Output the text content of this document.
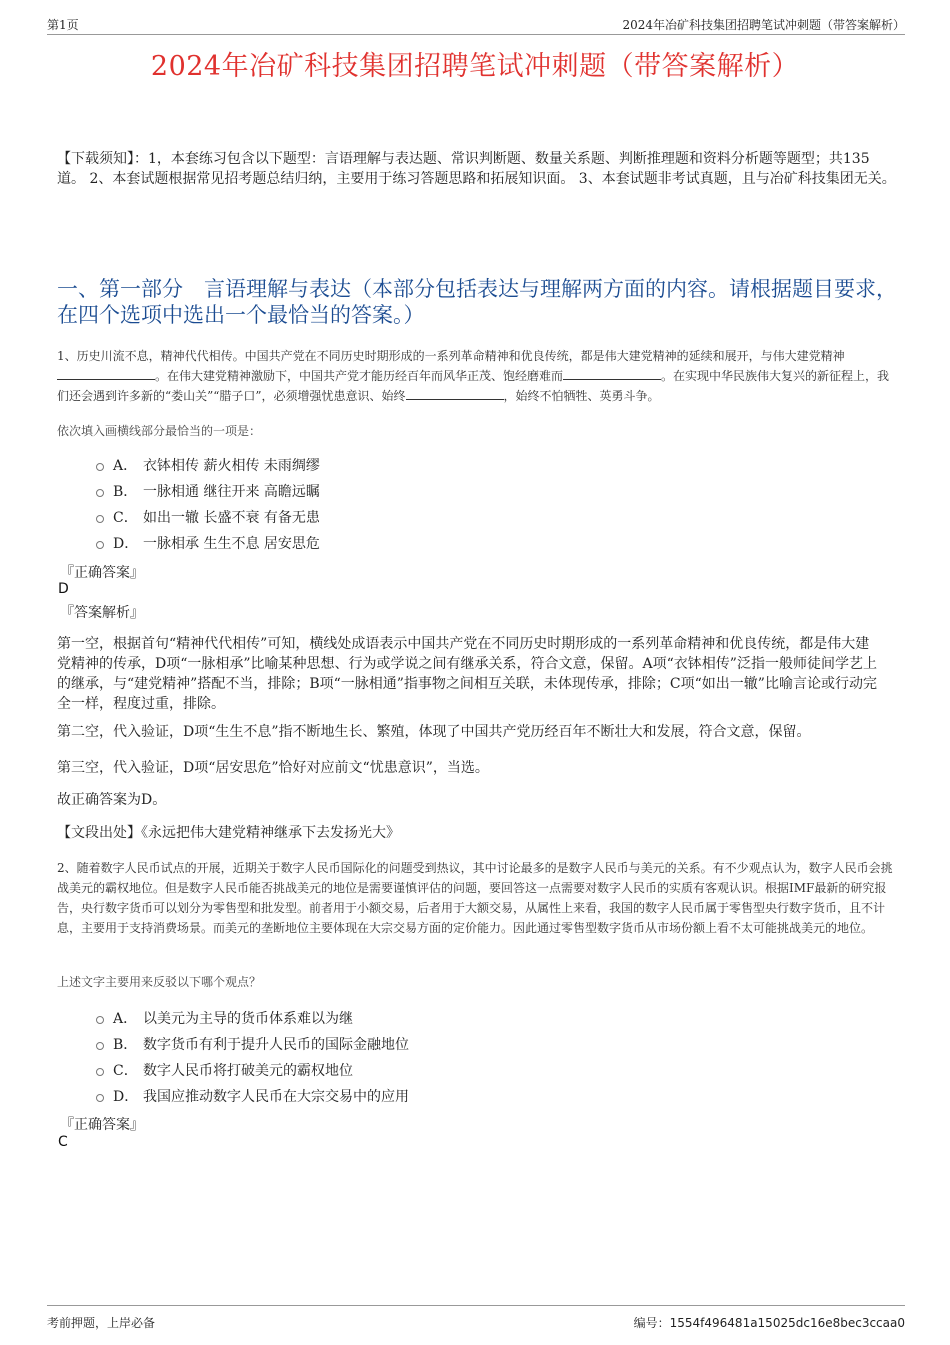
第1页	2024年冶矿科技集团招聘笔试冲刺题（带答案解析）
2024年冶矿科技集团招聘笔试冲刺题（带答案解析）
【下载须知】：1，本套练习包含以下题型：言语理解与表达题、常识判断题、数量关系题、判断推理题和资料分析题等题型；共135道。 2、本套试题根据常见招考题总结归纳，主要用于练习答题思路和拓展知识面。 3、本套试题非考试真题，且与冶矿科技集团无关。
一、第一部分　言语理解与表达（本部分包括表达与理解两方面的内容。请根据题目要求，在四个选项中选出一个最恰当的答案。）
1、历史川流不息，精神代代相传。中国共产党在不同历史时期形成的一系列革命精神和优良传统，都是伟大建党精神的延续和展开，与伟大建党精神。在伟大建党精神激励下，中国共产党才能历经百年而风华正茂、饱经磨难而	。在实现中华民族伟大复兴的新征程上，我们还会遇到许多新的“娄山关”“腊子口”，必须增强忧患意识、始终	，始终不怕牺牲、英勇斗争。
依次填入画横线部分最恰当的一项是：
A． 衣钵相传 薪火相传 未雨绸缪
B． 一脉相通 继往开来 高瞻远瞩
C． 如出一辙 长盛不衰 有备无患
D． 一脉相承 生生不息 居安思危
『正确答案』
D
『答案解析』
第一空，根据首句“精神代代相传”可知，横线处成语表示中国共产党在不同历史时期形成的一系列革命精神和优良传统，都是伟大建党精神的传承，D项“一脉相承”比喻某种思想、行为或学说之间有继承关系，符合文意，保留。A项“衣钵相传”泛指一般师徒间学艺上的继承，与“建党精神”搭配不当，排除；B项“一脉相通”指事物之间相互关联，未体现传承，排除；C项“如出一辙”比喻言论或行动完全一样，程度过重，排除。
第二空，代入验证，D项“生生不息”指不断地生长、繁殖，体现了中国共产党历经百年不断壮大和发展，符合文意，保留。
第三空，代入验证，D项“居安思危”恰好对应前文“忧患意识”，当选。
故正确答案为D。
【文段出处】《永远把伟大建党精神继承下去发扬光大》
2、随着数字人民币试点的开展，近期关于数字人民币国际化的问题受到热议，其中讨论最多的是数字人民币与美元的关系。有不少观点认为，数字人民币会挑战美元的霸权地位。但是数字人民币能否挑战美元的地位是需要谨慎评估的问题，要回答这一点需要对数字人民币的实质有客观认识。根据IMF最新的研究报告，央行数字货币可以划分为零售型和批发型。前者用于小额交易，后者用于大额交易，从属性上来看，我国的数字人民币属于零售型央行数字货币，且不计息，主要用于支持消费场景。而美元的垄断地位主要体现在大宗交易方面的定价能力。因此通过零售型数字货币从市场份额上看不太可能挑战美元的地位。
上述文字主要用来反驳以下哪个观点？
A． 以美元为主导的货币体系难以为继
B． 数字货币有利于提升人民币的国际金融地位
C． 数字人民币将打破美元的霸权地位
D． 我国应推动数字人民币在大宗交易中的应用
『正确答案』
C
考前押题，上岸必备	编号：1554f496481a15025dc16e8bec3ccaa0
